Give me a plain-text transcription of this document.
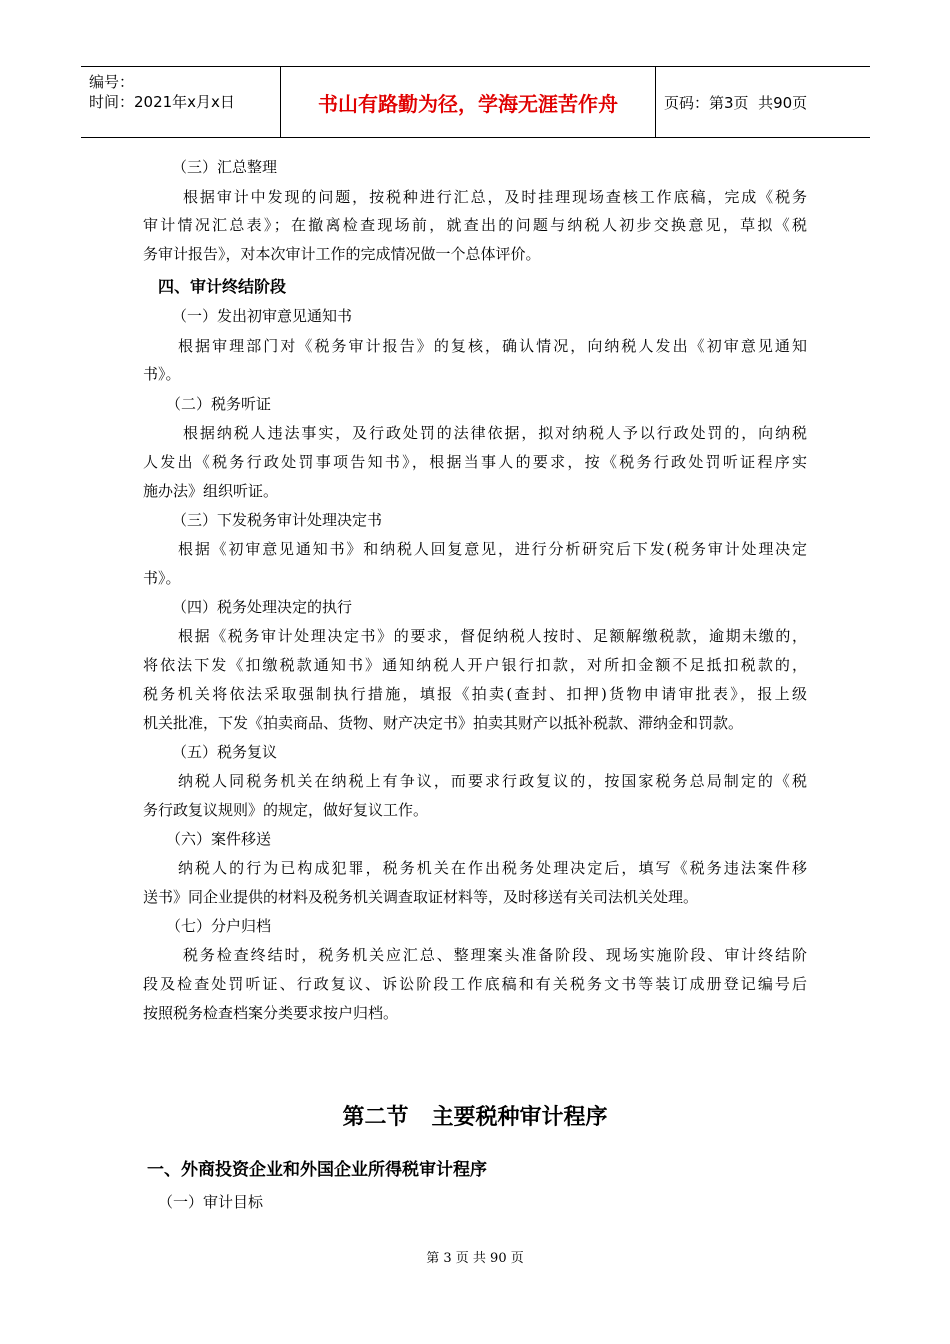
编号：
时间：2021年x月x日	书山有路勤为径，学海无涯苦作舟	页码：第3页  共90页
（三）汇总整理
根据审计中发现的问题，按税种进行汇总，及时挂理现场查核工作底稿，完成《税务
审计情况汇总表》；在撤离检查现场前，就查出的问题与纳税人初步交换意见，草拟《税
务审计报告》，对本次审计工作的完成情况做一个总体评价。
四、审计终结阶段
（一）发出初审意见通知书
根据审理部门对《税务审计报告》的复核，确认情况，向纳税人发出《初审意见通知
书》。
（二）税务听证
根据纳税人违法事实，及行政处罚的法律依据，拟对纳税人予以行政处罚的，向纳税
人发出《税务行政处罚事项告知书》，根据当事人的要求，按《税务行政处罚听证程序实
施办法》组织听证。
（三）下发税务审计处理决定书
根据《初审意见通知书》和纳税人回复意见，进行分析研究后下发(税务审计处理决定
书》。
（四）税务处理决定的执行
根据《税务审计处理决定书》的要求，督促纳税人按时、足额解缴税款，逾期未缴的，
将依法下发《扣缴税款通知书》通知纳税人开户银行扣款，对所扣金额不足抵扣税款的，
税务机关将依法采取强制执行措施，填报《拍卖(查封、扣押)货物申请审批表》，报上级
机关批准，下发《拍卖商品、货物、财产决定书》拍卖其财产以抵补税款、滞纳金和罚款。
（五）税务复议
纳税人同税务机关在纳税上有争议，而要求行政复议的，按国家税务总局制定的《税
务行政复议规则》的规定，做好复议工作。
（六）案件移送
纳税人的行为已构成犯罪，税务机关在作出税务处理决定后，填写《税务违法案件移
送书》同企业提供的材料及税务机关调查取证材料等，及时移送有关司法机关处理。
（七）分户归档
税务检查终结时，税务机关应汇总、整理案头准备阶段、现场实施阶段、审计终结阶
段及检查处罚听证、行政复议、诉讼阶段工作底稿和有关税务文书等装订成册登记编号后
按照税务检查档案分类要求按户归档。
第二节   主要税种审计程序
一、外商投资企业和外国企业所得税审计程序
（一）审计目标
第 3 页 共 90 页
